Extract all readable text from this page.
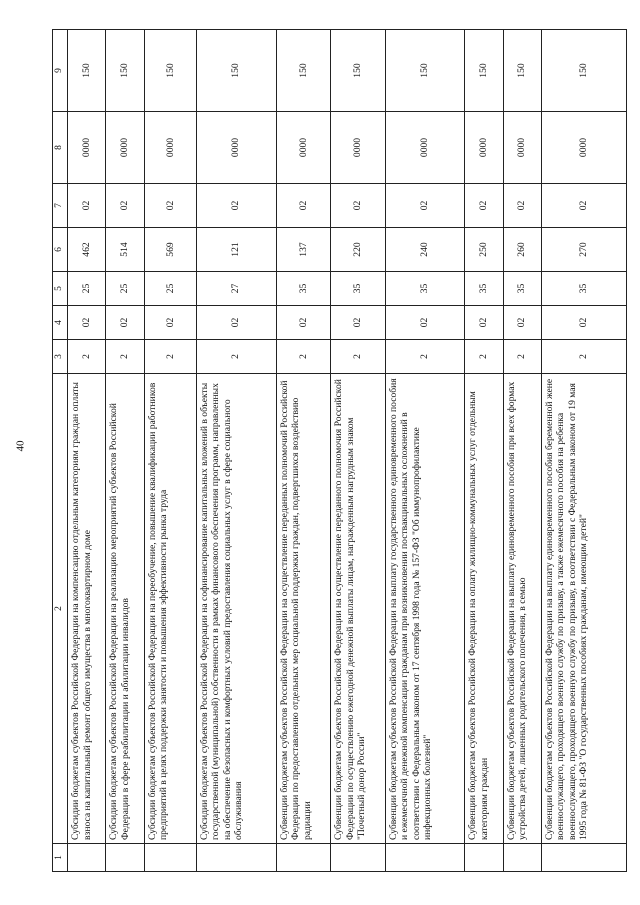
40
1	2	3	4	5	6	7	8	9
	Субсидии бюджетам субъектов Российской Федерации на компенсацию отдельным категориям граждан оплаты взноса на капитальный ремонт общего имущества в многоквартирном доме	2	02	25	462	02	0000	150
	Субсидии бюджетам субъектов Российской Федерации на реализацию мероприятий субъектов Российской Федерации в сфере реабилитации и абилитации инвалидов	2	02	25	514	02	0000	150
	Субсидии бюджетам субъектов Российской Федерации на переобучение, повышение квалификации работников предприятий в целях поддержки занятости и повышения эффективности рынка труда	2	02	25	569	02	0000	150
	Субсидии бюджетам субъектов Российской Федерации на софинансирование капитальных вложений в объекты государственной (муниципальной) собственности в рамках финансового обеспечения программ, направленных на обеспечение безопасных и комфортных условий предоставления социальных услуг в сфере социального обслуживания	2	02	27	121	02	0000	150
	Субвенции бюджетам субъектов Российской Федерации на осуществление переданных полномочий Российской Федерации по предоставлению отдельных мер социальной поддержки граждан, подвергшихся воздействию радиации	2	02	35	137	02	0000	150
	Субвенции бюджетам субъектов Российской Федерации на осуществление переданного полномочия Российской Федерации по осуществлению ежегодной денежной выплаты лицам, награжденным нагрудным знаком "Почетный донор России"	2	02	35	220	02	0000	150
	Субвенции бюджетам субъектов Российской Федерации на выплату государственного единовременного пособия и ежемесячной денежной компенсации гражданам при возникновении поствакцинальных осложнений в соответствии с Федеральным законом от 17 сентября 1998 года № 157-ФЗ "Об иммунопрофилактике инфекционных болезней"	2	02	35	240	02	0000	150
	Субвенции бюджетам субъектов Российской Федерации на оплату жилищно-коммунальных услуг отдельным категориям граждан	2	02	35	250	02	0000	150
	Субвенции бюджетам субъектов Российской Федерации на выплату единовременного пособия при всех формах устройства детей, лишенных родительского попечения, в семью	2	02	35	260	02	0000	150
	Субвенции бюджетам субъектов Российской Федерации на выплату единовременного пособия беременной жене военнослужащего, проходящего военную службу по призыву, а также ежемесячного пособия на ребенка военнослужащего, проходящего военную службу по призыву, в соответствии с Федеральным законом от 19 мая 1995 года № 81-ФЗ "О государственных пособиях гражданам, имеющим детей"	2	02	35	270	02	0000	150
